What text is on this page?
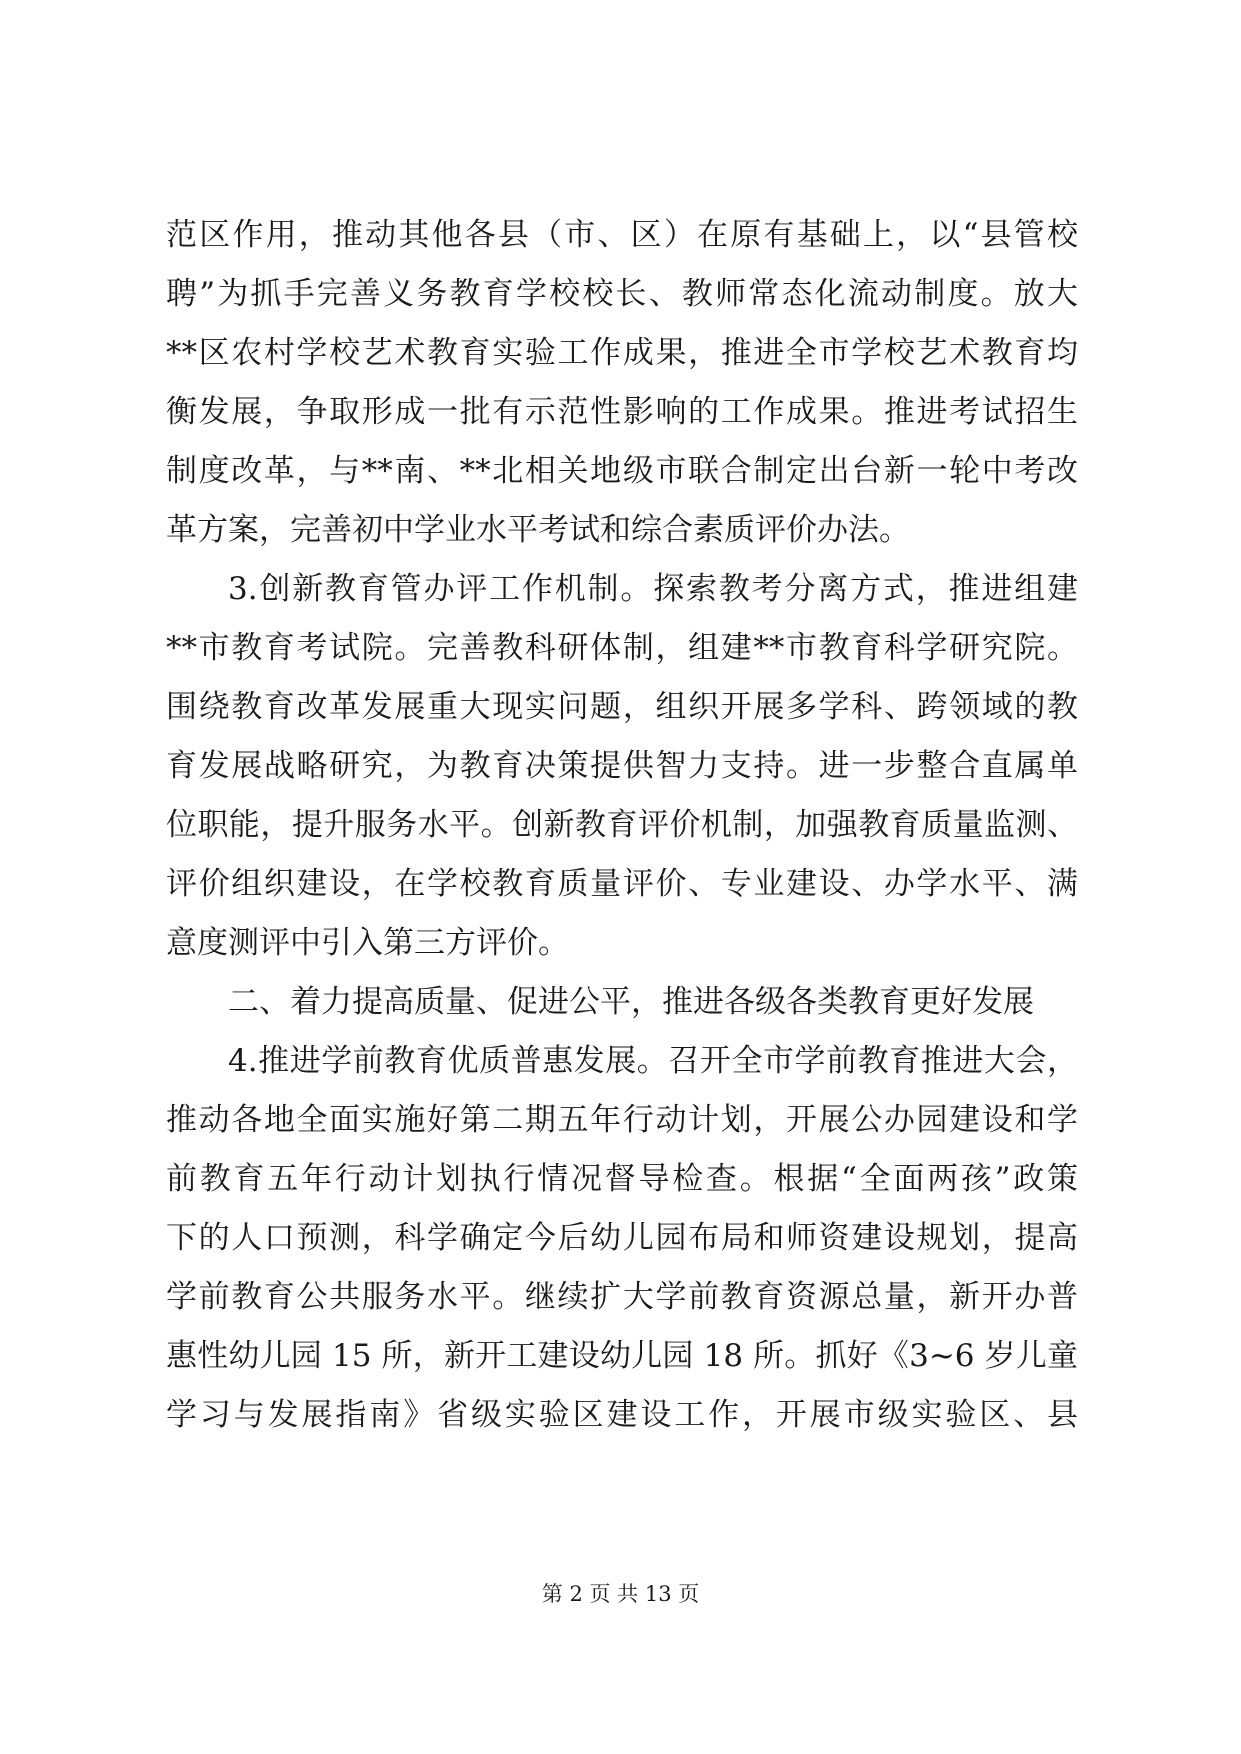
范区作用，推动其他各县（市、区）在原有基础上，以“县管校
聘”为抓手完善义务教育学校校长、教师常态化流动制度。放大
**区农村学校艺术教育实验工作成果，推进全市学校艺术教育均
衡发展，争取形成一批有示范性影响的工作成果。推进考试招生
制度改革，与**南、**北相关地级市联合制定出台新一轮中考改
革方案，完善初中学业水平考试和综合素质评价办法。
3.创新教育管办评工作机制。探索教考分离方式，推进组建
**市教育考试院。完善教科研体制，组建**市教育科学研究院。
围绕教育改革发展重大现实问题，组织开展多学科、跨领域的教
育发展战略研究，为教育决策提供智力支持。进一步整合直属单
位职能，提升服务水平。创新教育评价机制，加强教育质量监测、
评价组织建设，在学校教育质量评价、专业建设、办学水平、满
意度测评中引入第三方评价。
二、着力提高质量、促进公平，推进各级各类教育更好发展
4.推进学前教育优质普惠发展。召开全市学前教育推进大会，
推动各地全面实施好第二期五年行动计划，开展公办园建设和学
前教育五年行动计划执行情况督导检查。根据“全面两孩”政策
下的人口预测，科学确定今后幼儿园布局和师资建设规划，提高
学前教育公共服务水平。继续扩大学前教育资源总量，新开办普
惠性幼儿园 15 所，新开工建设幼儿园 18 所。抓好《3~6 岁儿童
学习与发展指南》省级实验区建设工作，开展市级实验区、县
第 2 页 共 13 页
